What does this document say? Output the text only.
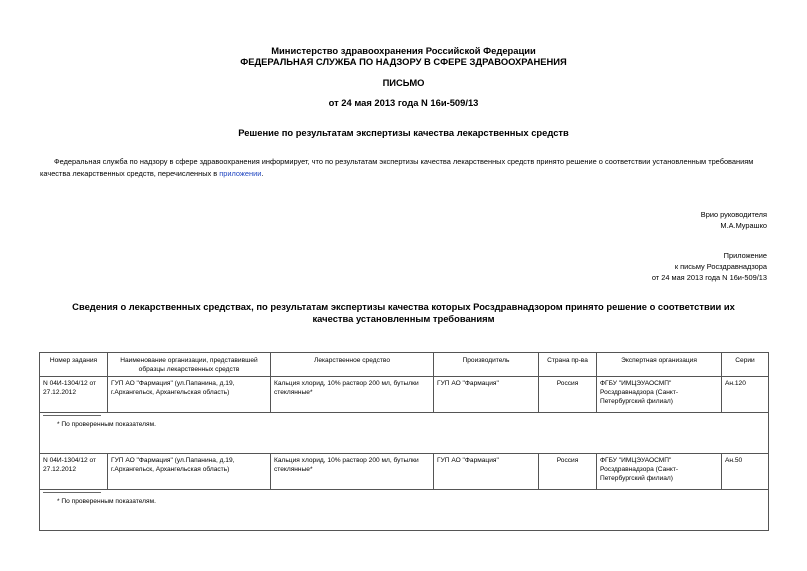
Министерство здравоохранения Российской Федерации
ФЕДЕРАЛЬНАЯ СЛУЖБА ПО НАДЗОРУ В СФЕРЕ ЗДРАВООХРАНЕНИЯ
ПИСЬМО
от 24 мая 2013 года N 16и-509/13
Решение по результатам экспертизы качества лекарственных средств
Федеральная служба по надзору в сфере здравоохранения информирует, что по результатам экспертизы качества лекарственных средств принято решение о соответствии установленным требованиям качества лекарственных средств, перечисленных в приложении.
Врио руководителя
М.А.Мурашко
Приложение
к письму Росздравнадзора
от 24 мая 2013 года N 16и-509/13
Сведения о лекарственных средствах, по результатам экспертизы качества которых Росздравнадзором принято решение о соответствии их качества установленным требованиям
Номер задания	Наименование организации, представившей образцы лекарственных средств	Лекарственное средство	Производитель	Страна пр-ва	Экспертная организация	Серии
N 04И-1304/12 от 27.12.2012	ГУП АО "Фармация" (ул.Папанина, д.19, г.Архангельск, Архангельская область)	Кальция хлорид, 10% раствор 200 мл, бутылки стеклянные*	ГУП АО "Фармация"	Россия	ФГБУ "ИМЦЭУАОСМП" Росздравнадзора (Санкт-Петербургский филиал)	Ан.120

* По проверенным показателям.						

N 04И-1304/12 от 27.12.2012	ГУП АО "Фармация" (ул.Папанина, д.19, г.Архангельск, Архангельская область)	Кальция хлорид, 10% раствор 200 мл, бутылки стеклянные*	ГУП АО "Фармация"	Россия	ФГБУ "ИМЦЭУАОСМП" Росздравнадзора (Санкт-Петербургский филиал)	Ан.50

* По проверенным показателям.						
